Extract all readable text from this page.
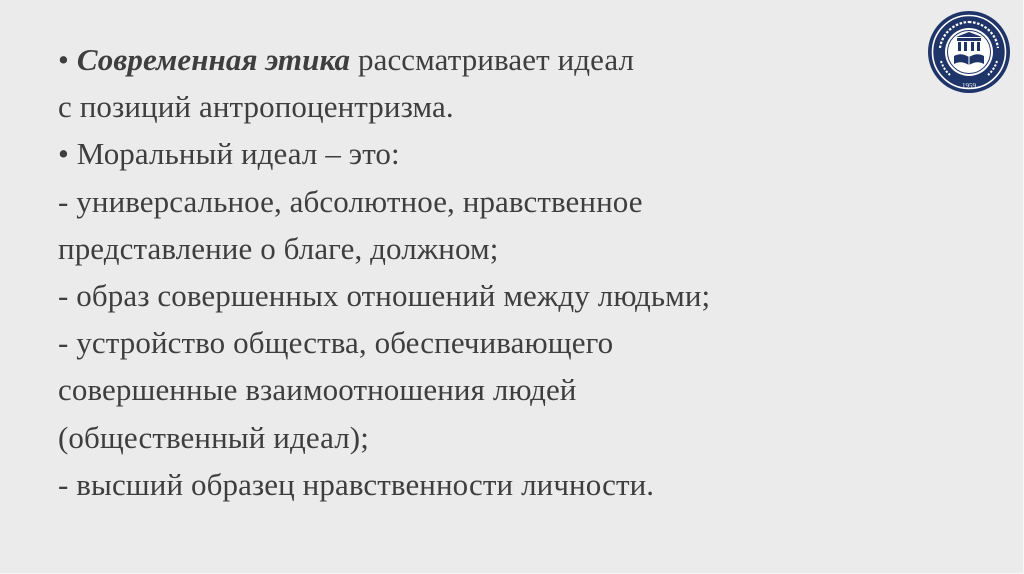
• Современная этика рассматривает идеал
с позиций антропоцентризма.
• Моральный идеал – это:
- универсальное, абсолютное, нравственное
представление о благе, должном;
- образ совершенных отношений между людьми;
- устройство общества, обеспечивающего
совершенные взаимоотношения людей
(общественный идеал);
- высший образец нравственности личности.
1959
